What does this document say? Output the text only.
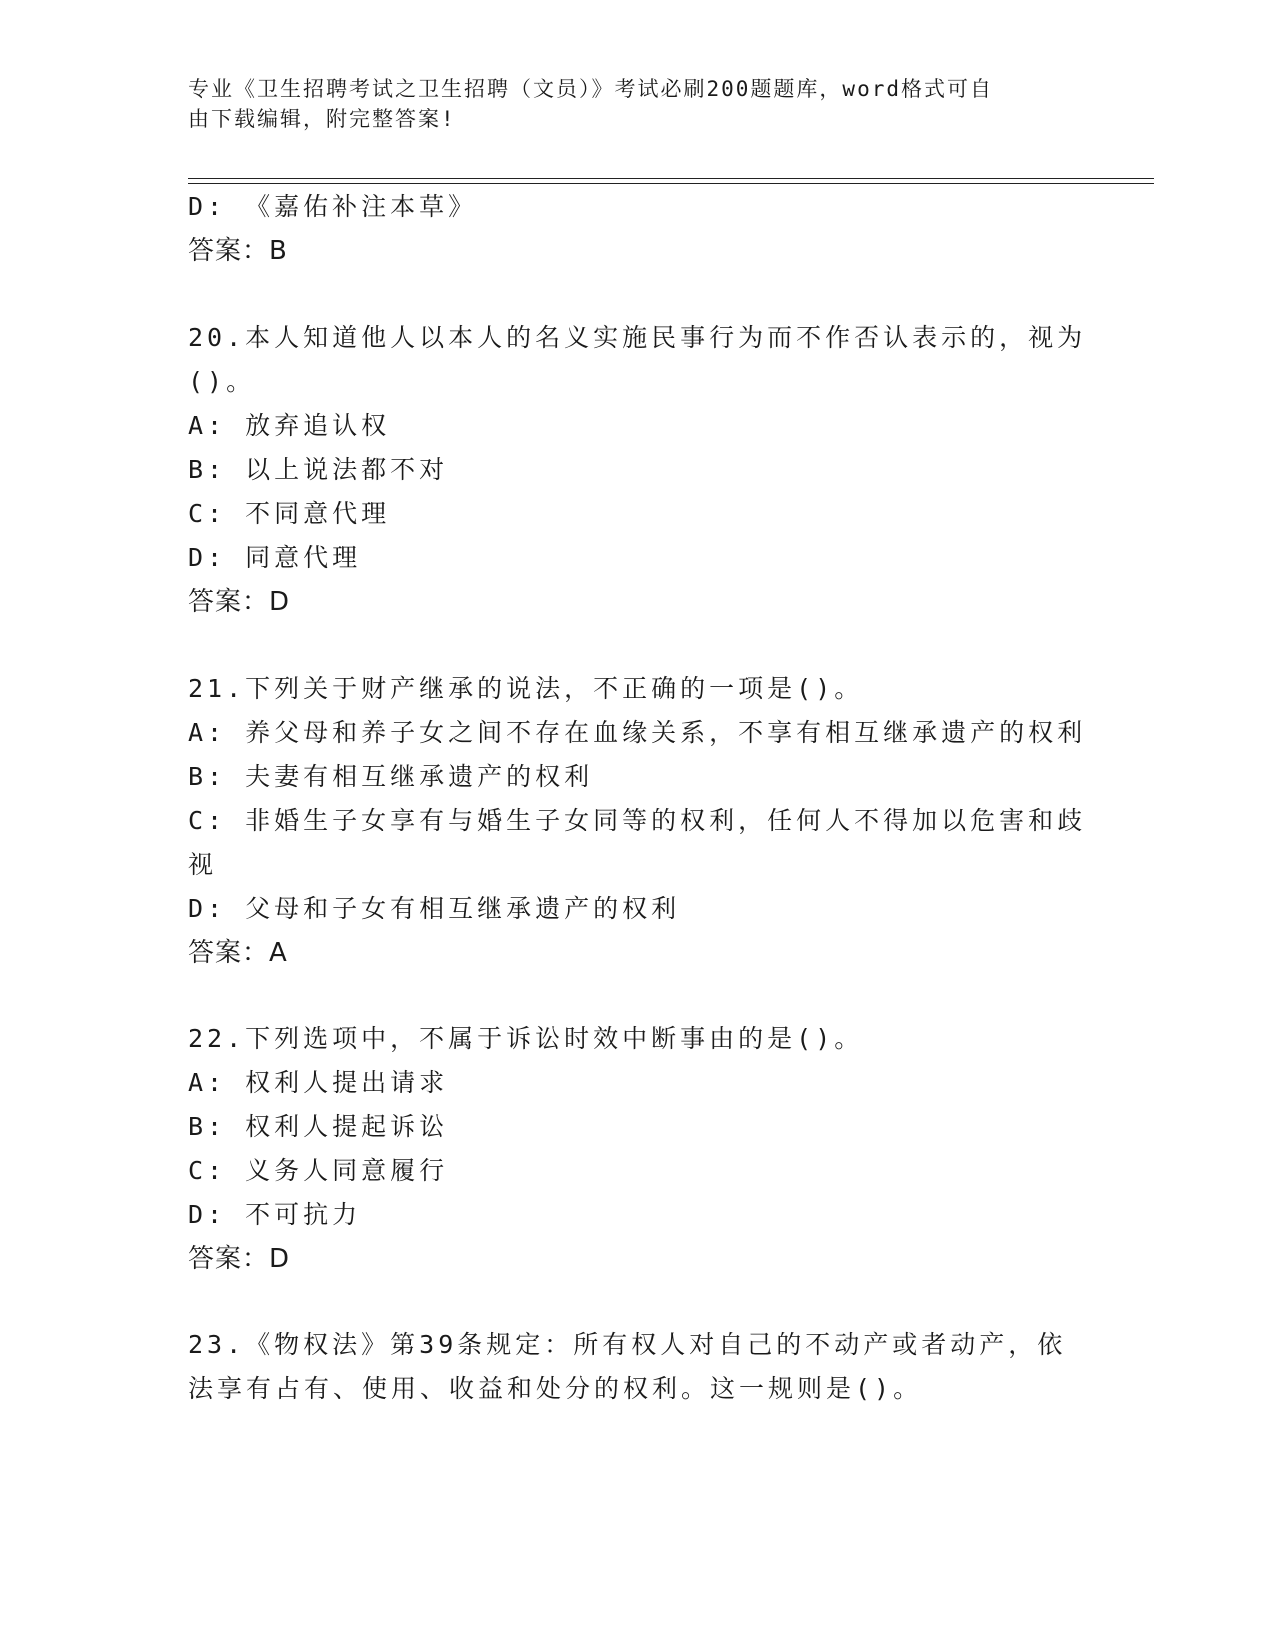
专业《卫生招聘考试之卫生招聘（文员）》考试必刷200题题库，word格式可自
由下载编辑，附完整答案!
D: 《嘉佑补注本草》
答案：B
20.本人知道他人以本人的名义实施民事行为而不作否认表示的，视为
()。
A: 放弃追认权
B: 以上说法都不对
C: 不同意代理
D: 同意代理
答案：D
21.下列关于财产继承的说法，不正确的一项是()。
A: 养父母和养子女之间不存在血缘关系，不享有相互继承遗产的权利
B: 夫妻有相互继承遗产的权利
C: 非婚生子女享有与婚生子女同等的权利，任何人不得加以危害和歧
视
D: 父母和子女有相互继承遗产的权利
答案：A
22.下列选项中，不属于诉讼时效中断事由的是()。
A: 权利人提出请求
B: 权利人提起诉讼
C: 义务人同意履行
D: 不可抗力
答案：D
23.《物权法》第39条规定：所有权人对自己的不动产或者动产，依
法享有占有、使用、收益和处分的权利。这一规则是()。
